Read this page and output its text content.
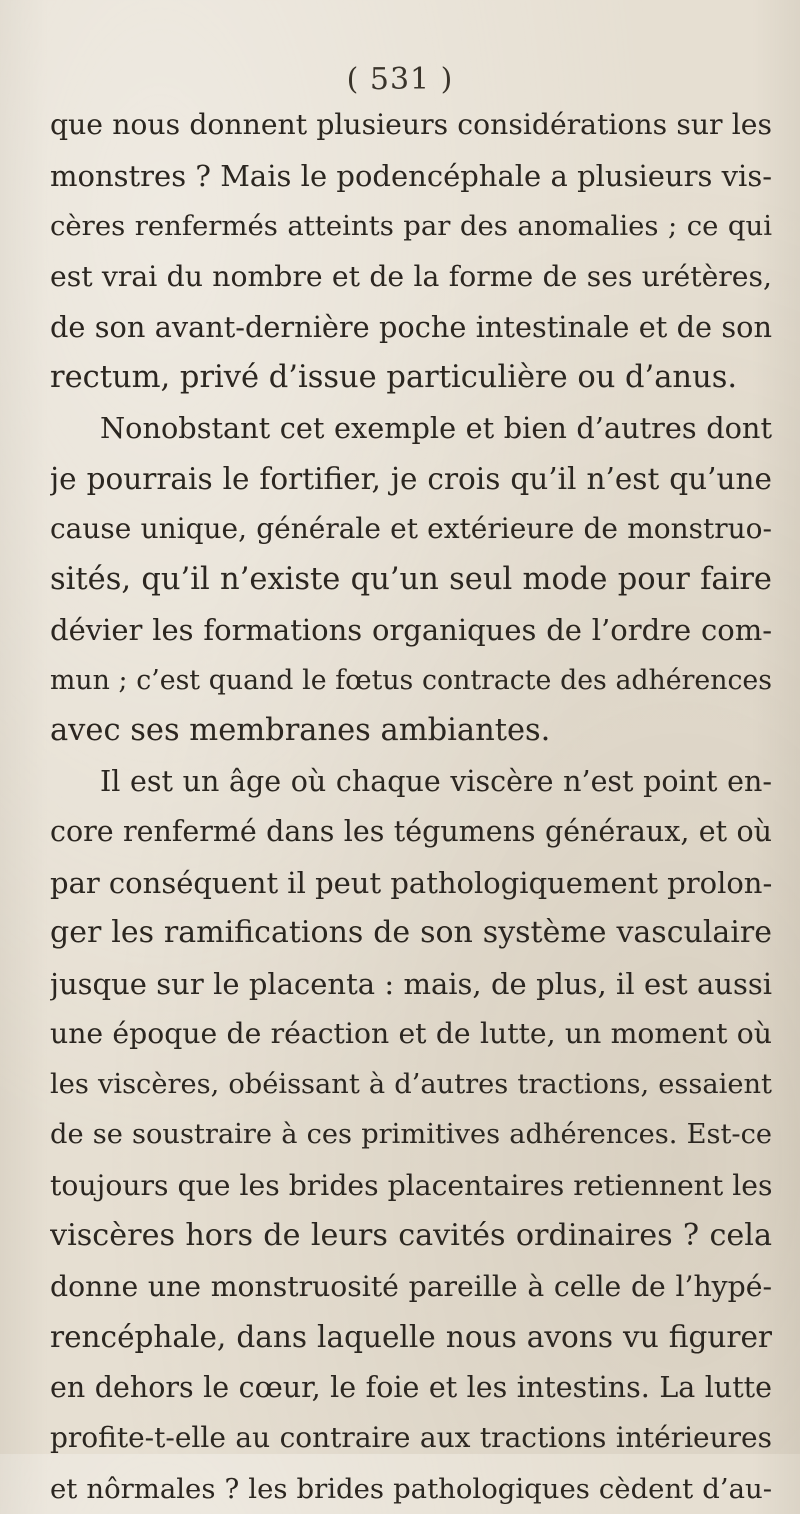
( 531 )
que nous donnent plusieurs considérations sur les
monstres ? Mais le podencéphale a plusieurs vis-
cères renfermés atteints par des anomalies ; ce qui
est vrai du nombre et de la forme de ses urétères,
de son avant-dernière poche intestinale et de son
rectum, privé d’issue particulière ou d’anus.
Nonobstant cet exemple et bien d’autres dont
je pourrais le fortifier, je crois qu’il n’est qu’une
cause unique, générale et extérieure de monstruo-
sités, qu’il n’existe qu’un seul mode pour faire
dévier les formations organiques de l’ordre com-
mun ; c’est quand le fœtus contracte des adhérences
avec ses membranes ambiantes.
Il est un âge où chaque viscère n’est point en-
core renfermé dans les tégumens généraux, et où
par conséquent il peut pathologiquement prolon-
ger les ramifications de son système vasculaire
jusque sur le placenta : mais, de plus, il est aussi
une époque de réaction et de lutte, un moment où
les viscères, obéissant à d’autres tractions, essaient
de se soustraire à ces primitives adhérences. Est-ce
toujours que les brides placentaires retiennent les
viscères hors de leurs cavités ordinaires ? cela
donne une monstruosité pareille à celle de l’hypé-
rencéphale, dans laquelle nous avons vu figurer
en dehors le cœur, le foie et les intestins. La lutte
profite-t-elle au contraire aux tractions intérieures
et nôrmales ? les brides pathologiques cèdent d’au-
